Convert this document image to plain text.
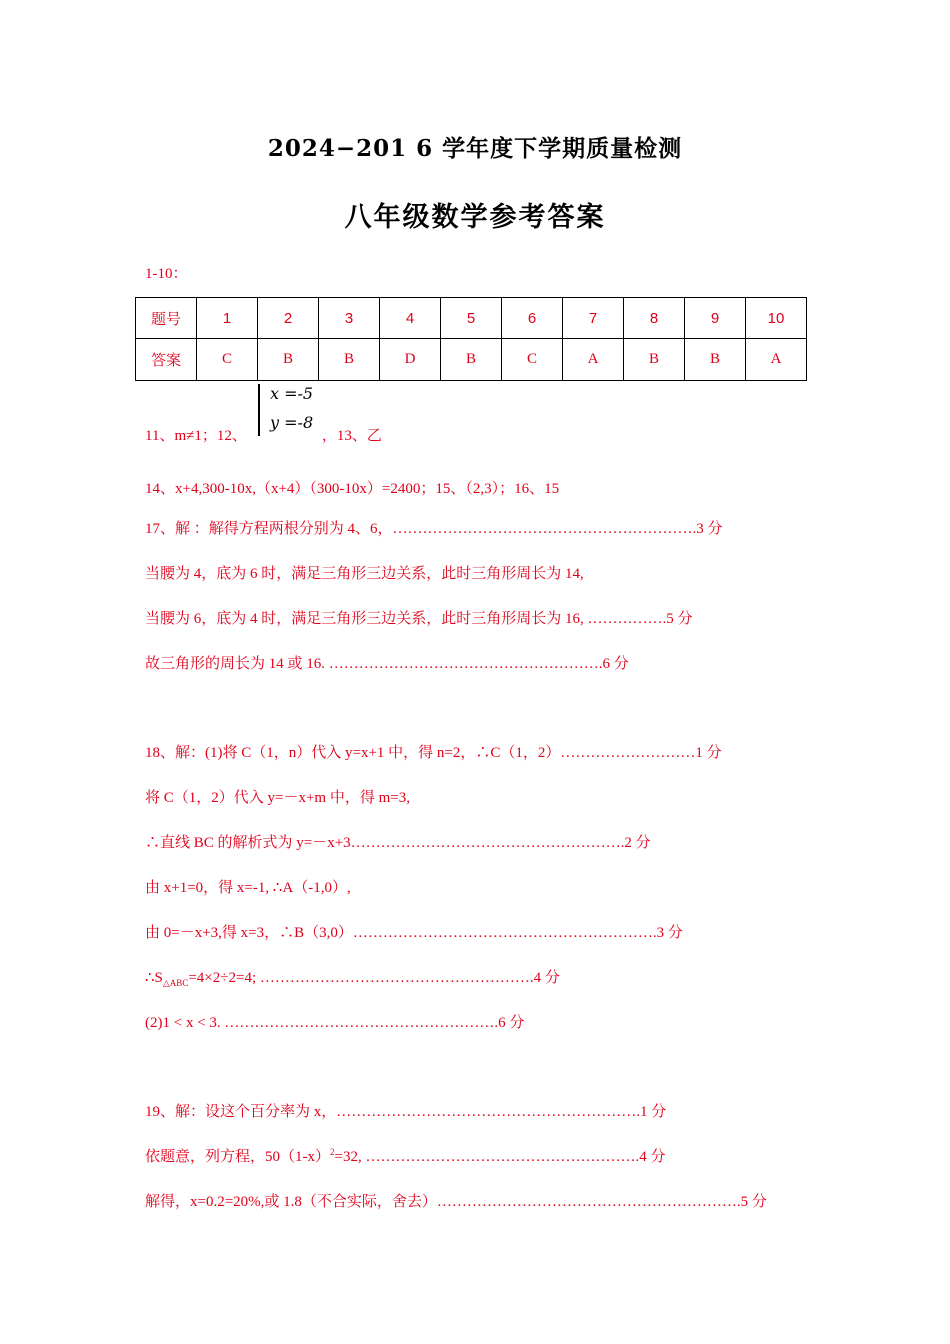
2024−201 6 学年度下学期质量检测
八年级数学参考答案
1-10：
题号	1	2	3	4	5	6	7	8	9	10
答案	C	B	B	D	B	C	A	B	B	A
x =-5
y =-8
11、m≠1；12、	，13、乙
14、x+4,300-10x,（x+4）（300-10x）=2400；15、（2,3）；16、15
17、解 ：解得方程两根分别为 4、6，…………………………………………………….3 分
当腰为 4，底为 6 时，满足三角形三边关系，此时三角形周长为 14,
当腰为 6，底为 4 时，满足三角形三边关系，此时三角形周长为 16, …………….5 分
故三角形的周长为 14 或 16. ……………………………………………….6 分
18、解：(1)将 C（1，n）代入 y=x+1 中，得 n=2，∴C（1，2）………………………1 分
将 C（1，2）代入 y=－x+m 中，得 m=3,
∴直线 BC 的解析式为 y=－x+3……………………………………………….2 分
由 x+1=0，得 x=-1, ∴A（-1,0）,
由 0=－x+3,得 x=3，∴B（3,0）…………………………………………………….3 分
$\therefore S_{\triangle ABC}=4\times 2\div 2=4$; ……………………………………………….4 分
(2)1 < x < 3. ……………………………………………….6 分
19、解：设这个百分率为 x，…………………………………………………….1 分
依题意，列方程，$50(1-x)^2=32$, ……………………………………………….4 分
解得，x=0.2=20%,或 1.8（不合实际，舍去）…………………………………………………….5 分
